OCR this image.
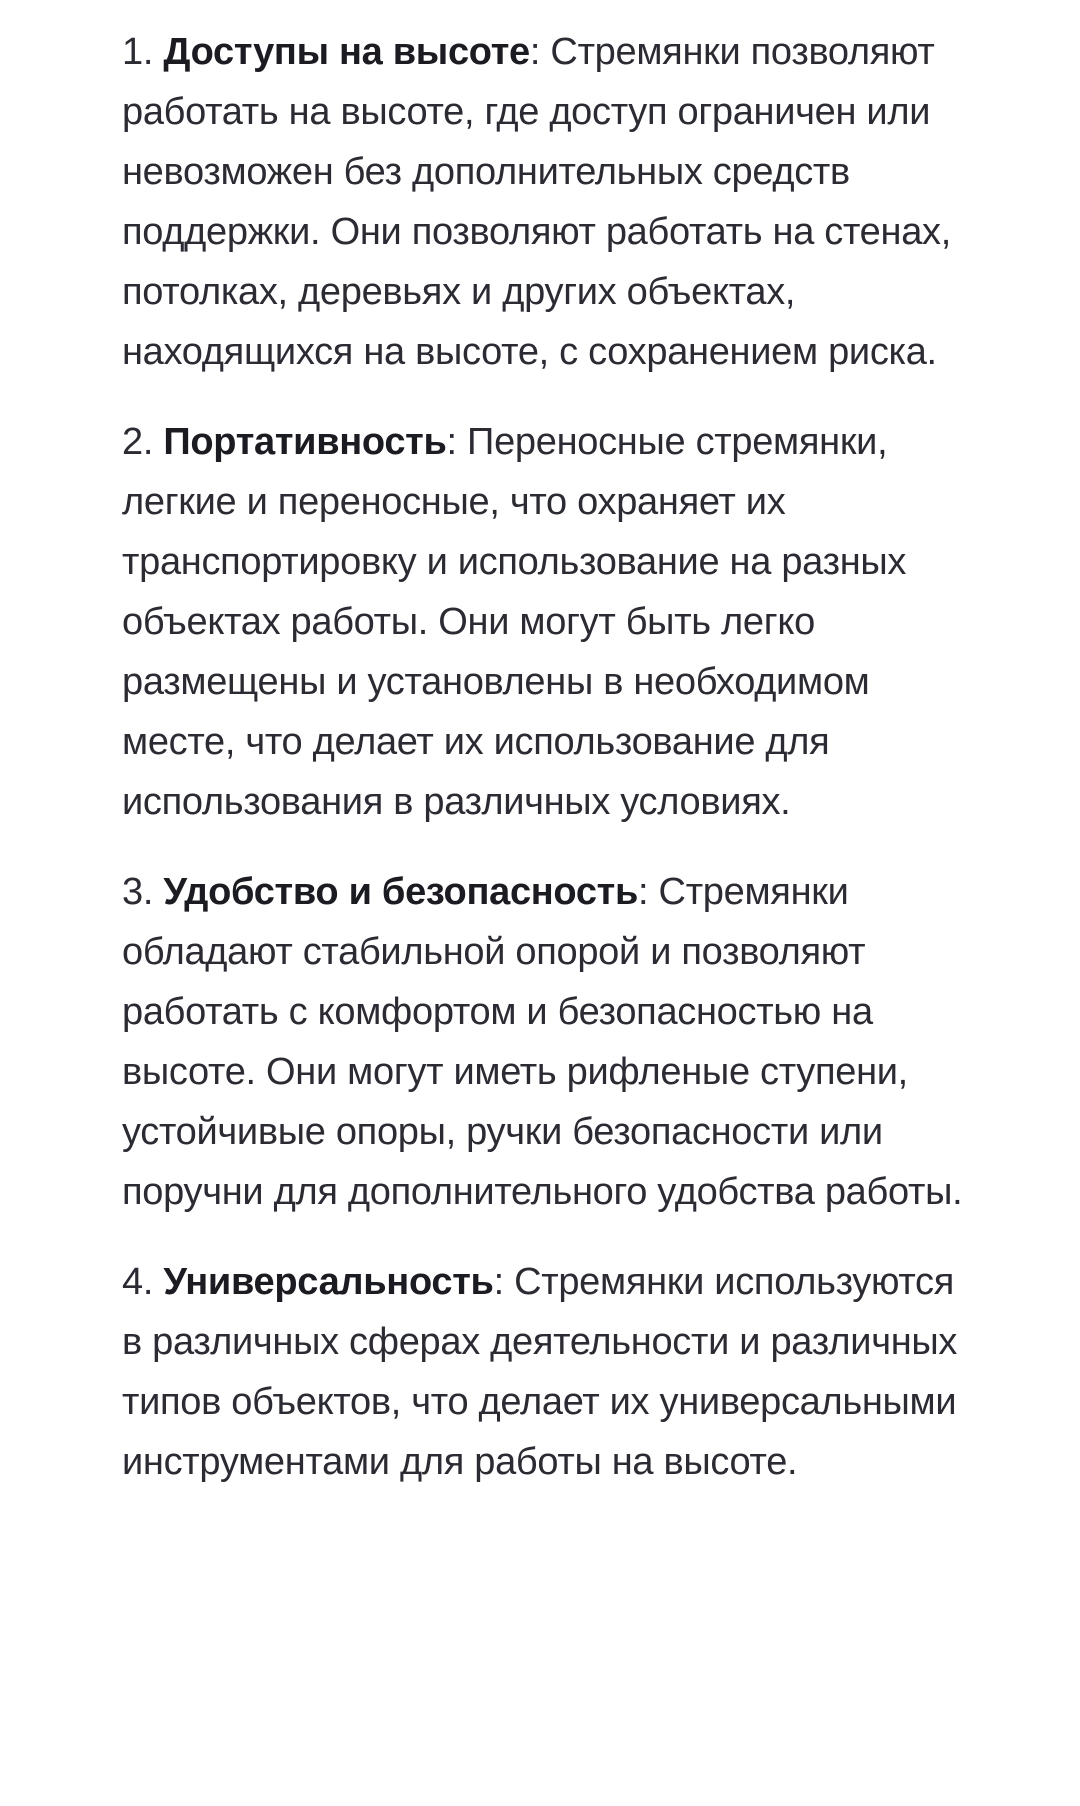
1. Доступы на высоте: Стремянки позволяют работать на высоте, где доступ ограничен или невозможен без дополнительных средств поддержки. Они позволяют работать на стенах, потолках, деревьях и других объектах, находящихся на высоте, с сохранением риска.

2. Портативность: Переносные стремянки, легкие и переносные, что охраняет их транспортировку и использование на разных объектах работы. Они могут быть легко размещены и установлены в необходимом месте, что делает их использование для использования в различных условиях.

3. Удобство и безопасность: Стремянки обладают стабильной опорой и позволяют работать с комфортом и безопасностью на высоте. Они могут иметь рифленые ступени, устойчивые опоры, ручки безопасности или поручни для дополнительного удобства работы.

4. Универсальность: Стремянки используются в различных сферах деятельности и различных типов объектов, что делает их универсальными инструментами для работы на высоте.
